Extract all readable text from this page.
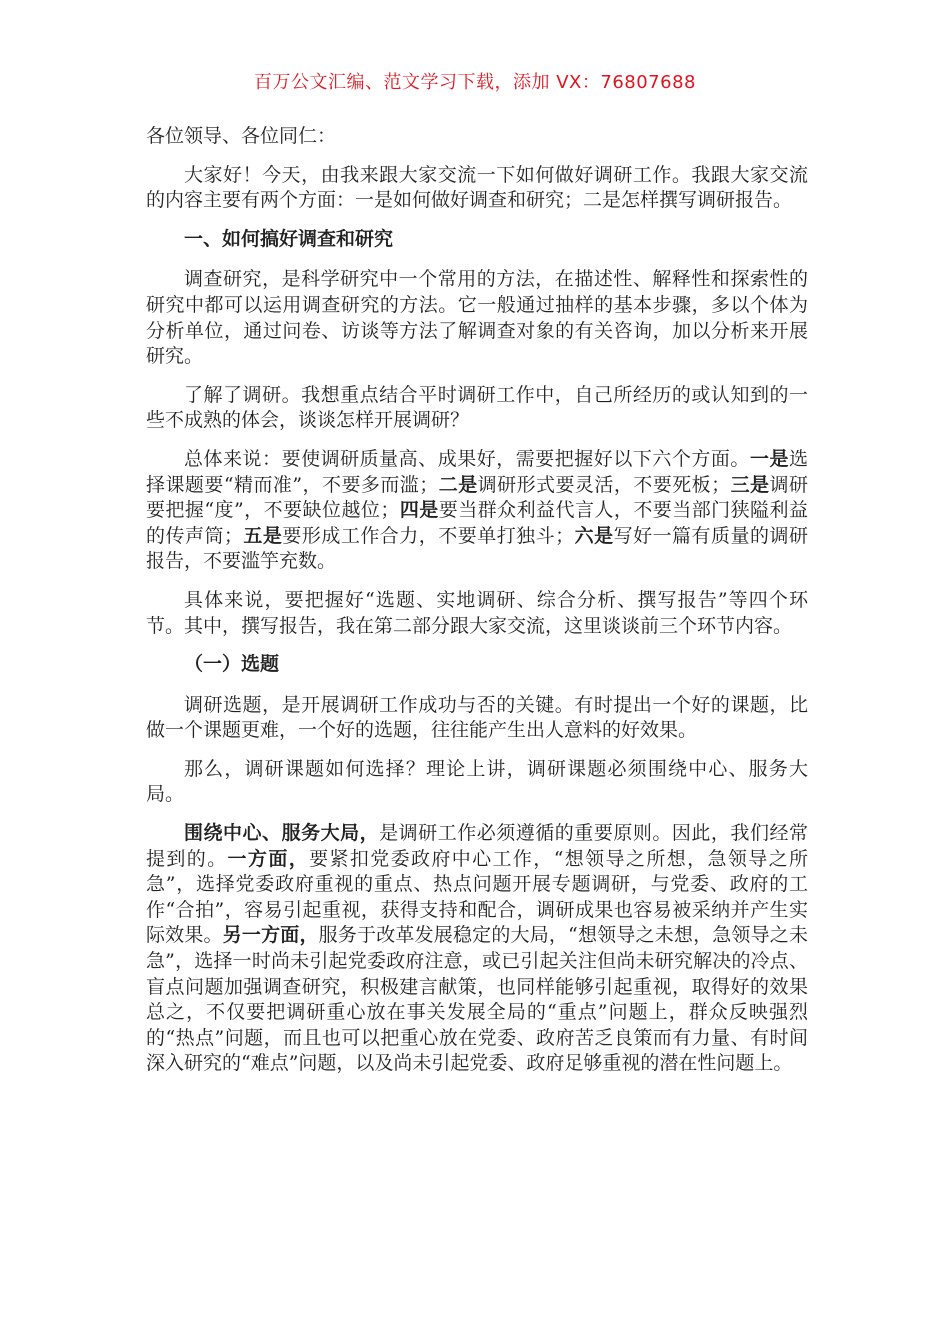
百万公文汇编、范文学习下载，添加 VX：76807688

各位领导、各位同仁：

大家好！今天，由我来跟大家交流一下如何做好调研工作。我跟大家交流的内容主要有两个方面：一是如何做好调查和研究；二是怎样撰写调研报告。

一、如何搞好调查和研究

调查研究，是科学研究中一个常用的方法，在描述性、解释性和探索性的研究中都可以运用调查研究的方法。它一般通过抽样的基本步骤，多以个体为分析单位，通过问卷、访谈等方法了解调查对象的有关咨询，加以分析来开展研究。

了解了调研。我想重点结合平时调研工作中，自己所经历的或认知到的一些不成熟的体会，谈谈怎样开展调研？

总体来说：要使调研质量高、成果好，需要把握好以下六个方面。一是选择课题要“精而准”，不要多而滥；二是调研形式要灵活，不要死板；三是调研要把握“度”，不要缺位越位；四是要当群众利益代言人，不要当部门狭隘利益的传声筒；五是要形成工作合力，不要单打独斗；六是写好一篇有质量的调研报告，不要滥竽充数。

具体来说，要把握好“选题、实地调研、综合分析、撰写报告”等四个环节。其中，撰写报告，我在第二部分跟大家交流，这里谈谈前三个环节内容。

（一）选题

调研选题，是开展调研工作成功与否的关键。有时提出一个好的课题，比做一个课题更难，一个好的选题，往往能产生出人意料的好效果。

那么，调研课题如何选择？理论上讲，调研课题必须围绕中心、服务大局。

围绕中心、服务大局，是调研工作必须遵循的重要原则。因此，我们经常提到的。一方面，要紧扣党委政府中心工作，“想领导之所想，急领导之所急”，选择党委政府重视的重点、热点问题开展专题调研，与党委、政府的工作“合拍”，容易引起重视，获得支持和配合，调研成果也容易被采纳并产生实际效果。另一方面，服务于改革发展稳定的大局，“想领导之未想，急领导之未急”，选择一时尚未引起党委政府注意，或已引起关注但尚未研究解决的冷点、盲点问题加强调查研究，积极建言献策，也同样能够引起重视，取得好的效果总之，不仅要把调研重心放在事关发展全局的“重点”问题上，群众反映强烈的“热点”问题，而且也可以把重心放在党委、政府苦乏良策而有力量、有时间深入研究的“难点”问题，以及尚未引起党委、政府足够重视的潜在性问题上。
